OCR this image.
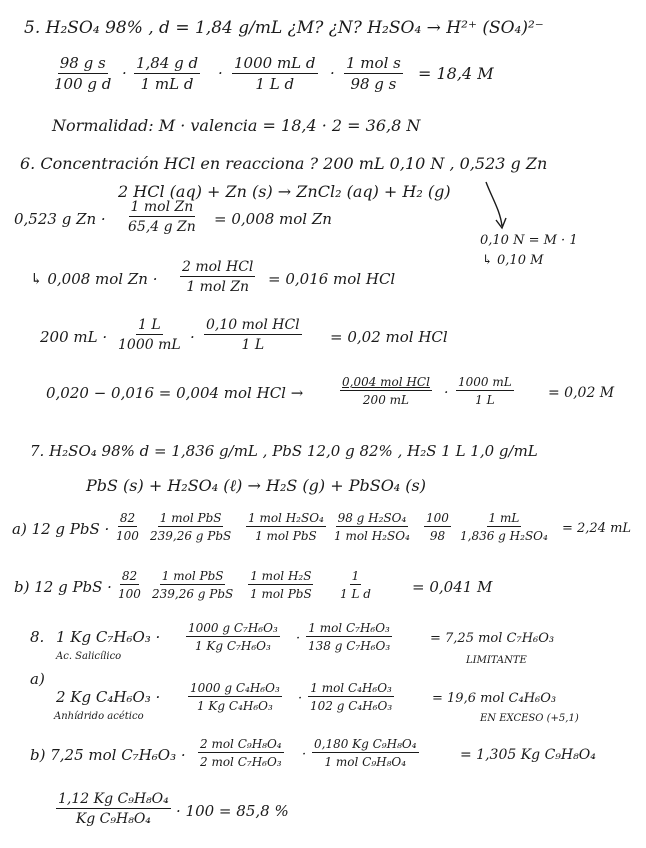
5. H₂SO₄ 98% , d = 1,84 g/mL ¿M? ¿N? H₂SO₄ → H²⁺ (SO₄)²⁻
$\frac{\text{98 g s}}{\text{100 g d}} \cdot \frac{\text{1,84 g d}}{\text{1 mL d}} \cdot \frac{\text{1000 mL d}}{\text{1 L d}}$ ·
1 mol s
98 g s
= 18,4 M
Normalidad: M · valencia = 18,4 · 2 = 36,8 N
6. Concentración HCl en reacciona ? 200 mL 0,10 N , 0,523 g Zn
2 HCl (aq) + Zn (s) → ZnCl₂ (aq) + H₂ (g)
0,10 N = M · 1
↳ 0,10 M
0,523 g Zn ·
1 mol Zn
65,4 g Zn = 0,008 mol Zn
↳ 0,008 mol Zn ·
2 mol HCl
1 mol Zn = 0,016 mol HCl
200 mL · $\frac{1 L}{1000 mL}$ ·
0,10 mol HCl
1 L	= 0,02 mol HCl
0,020 − 0,016 = 0,004 mol HCl →
0,004 mol HCl
200 mL	· $\frac{1000 mL}{1 L} = 0,02$ M
7. H₂SO₄ 98% d = 1,836 g/mL , PbS 12,0 g 82% , H₂S 1 L 1,0 g/mL
PbS (s) + H₂SO₄ (ℓ) → H₂S (g) + PbSO₄ (s)
a) 12 g PbS · $\frac{82}{100} 1$ mol PbS
239,26 g PbS
1 mol H₂SO₄
1 mol PbS
98 g H₂SO₄
1 mol $H_2SO_4 \frac{100}{98} \frac{1 mL}{\text{1,836 g H₂SO₄}} = 2,24$ mL
b) 12 g PbS · $\frac{82}{100} 1$ mol PbS
239,26 g PbS
1 mol H₂S
1 mol PbS $\frac{1}{\text{1 L d}}$	= 0,041 M
8. 1 Kg C₇H₆O₃ ·
Ac. Salicílico
$\frac{\text{1000 g C₇H₆O₃}}{\text{1 Kg C₇H₆O₃}}$ ·
1 mol C₇H₆O₃
138 g C₇H₆O₃	= 7,25 mol C₇H₆O₃
LIMITANTE
a)
2 Kg C₄H₆O₃ ·
Anhídrido acético
$\frac{\text{1000 g C₄H₆O₃}}{\text{1 Kg C₄H₆O₃}}$ ·
1 mol C₄H₆O₃
102 g C₄H₆O₃	= 19,6 mol C₄H₆O₃
EN EXCESO (+5,1)
b) 7,25 mol C₇H₆O₃ ·
2 mol C₉H₈O₄
2 mol C₇H₆O₃ ·
0,180 Kg C₉H₈O₄
1 mol C₉H₈O₄	= 1,305 Kg C₉H₈O₄
$\frac{\text{1,12 Kg C₉H₈O₄}}{\text{Kg C₉H₈O₄}} \cdot 100 = 85,8$ %
